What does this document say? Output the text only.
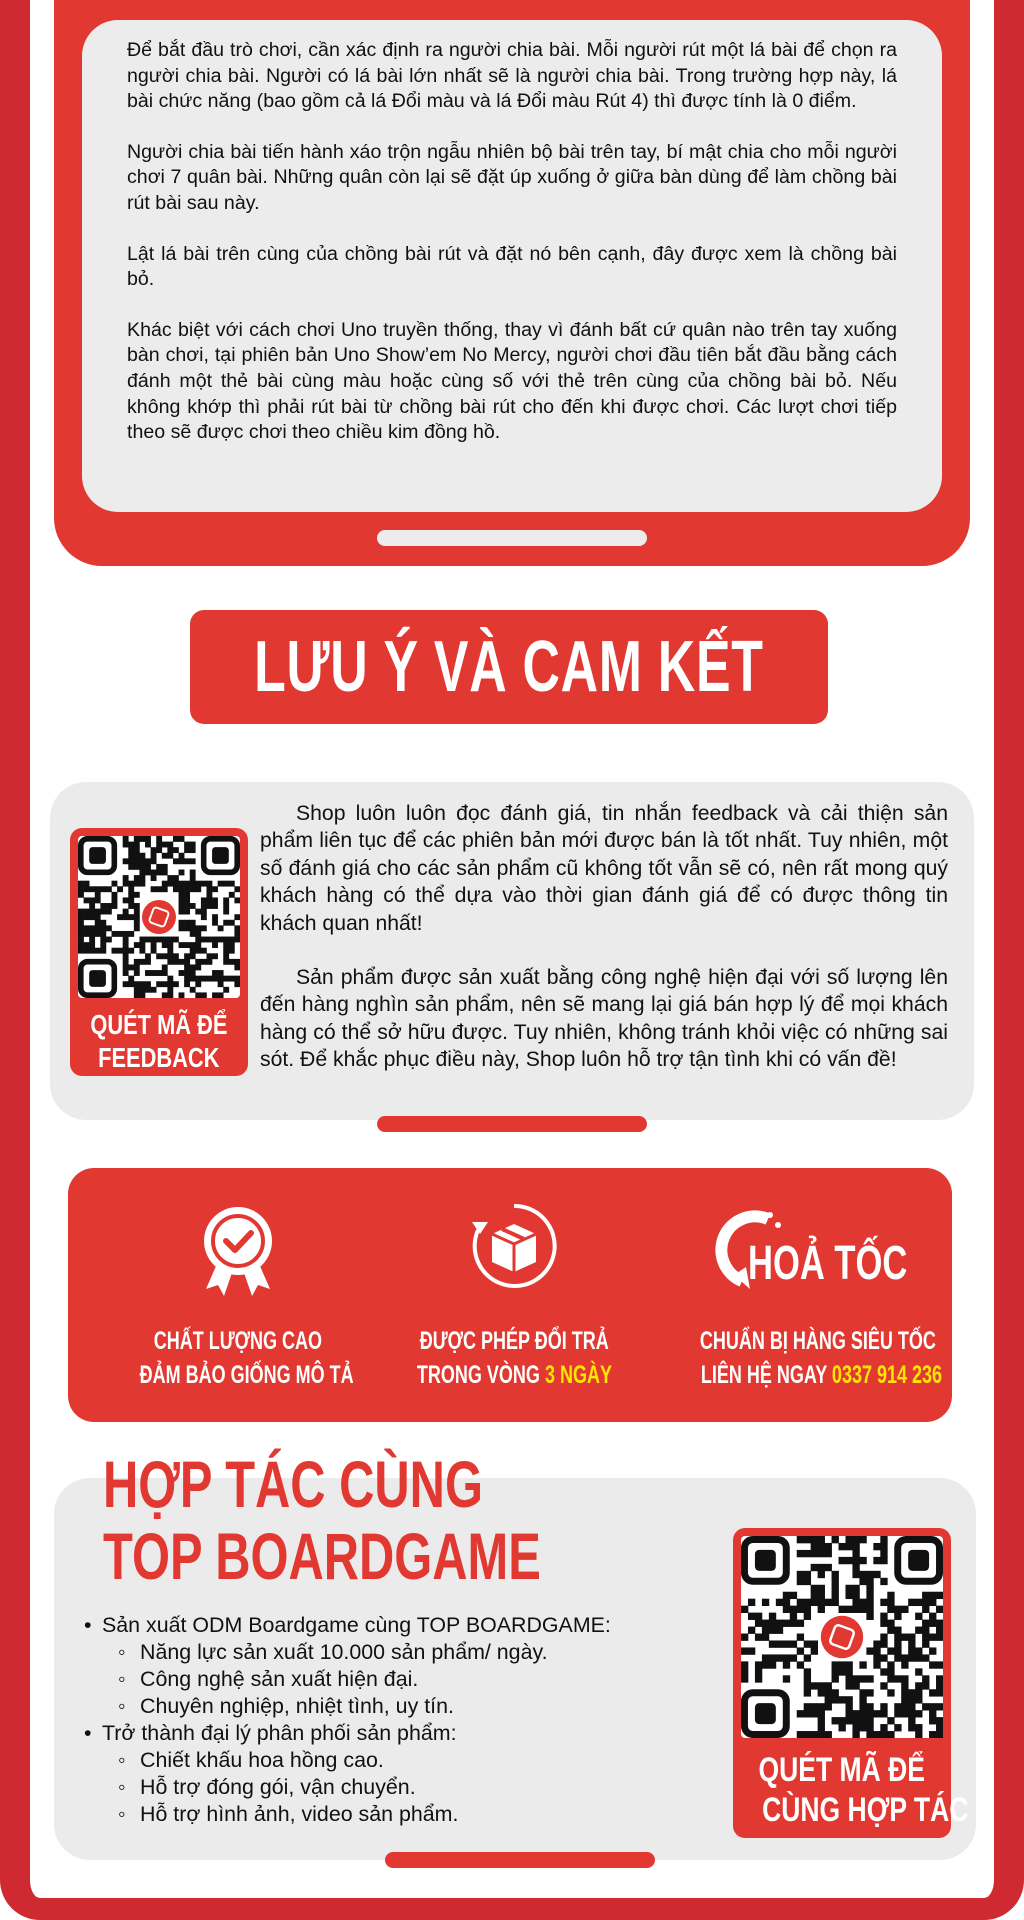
Để bắt đầu trò chơi, cần xác định ra người chia bài. Mỗi người rút một lá bài để chọn ra người chia bài. Người có lá bài lớn nhất sẽ là người chia bài. Trong trường hợp này, lá bài chức năng (bao gồm cả lá Đổi màu và lá Đổi màu Rút 4) thì được tính là 0 điểm.

Người chia bài tiến hành xáo trộn ngẫu nhiên bộ bài trên tay, bí mật chia cho mỗi người chơi 7 quân bài. Những quân còn lại sẽ đặt úp xuống ở giữa bàn dùng để làm chồng bài rút bài sau này.

Lật lá bài trên cùng của chồng bài rút và đặt nó bên cạnh, đây được xem là chồng bài bỏ.

Khác biệt với cách chơi Uno truyền thống, thay vì đánh bất cứ quân nào trên tay xuống bàn chơi, tại phiên bản Uno Show’em No Mercy, người chơi đầu tiên bắt đầu bằng cách đánh một thẻ bài cùng màu hoặc cùng số với thẻ trên cùng của chồng bài bỏ. Nếu không khớp thì phải rút bài từ chồng bài rút cho đến khi được chơi. Các lượt chơi tiếp theo sẽ được chơi theo chiều kim đồng hồ.

LƯU Ý VÀ CAM KẾT
QUÉT MÃ ĐỂ
FEEDBACK

Shop luôn luôn đọc đánh giá, tin nhắn feedback và cải thiện sản phẩm liên tục để các phiên bản mới được bán là tốt nhất. Tuy nhiên, một số đánh giá cho các sản phẩm cũ không tốt vẫn sẽ có, nên rất mong quý khách hàng có thể dựa vào thời gian đánh giá để có được thông tin khách quan nhất!

Sản phẩm được sản xuất bằng công nghệ hiện đại với số lượng lên đến hàng nghìn sản phẩm, nên sẽ mang lại giá bán hợp lý để mọi khách hàng có thể sở hữu được. Tuy nhiên, không tránh khỏi việc có những sai sót. Để khắc phục điều này, Shop luôn hỗ trợ tận tình khi có vấn đề!

HOẢ TỐC
CHẤT LƯỢNG CAO
ĐẢM BẢO GIỐNG MÔ TẢ
ĐƯỢC PHÉP ĐỔI TRẢ
TRONG VÒNG 3 NGÀY
CHUẨN BỊ HÀNG SIÊU TỐC
LIÊN HỆ NGAY 0337 914 236
HỢP TÁC CÙNG
TOP BOARDGAME
• Sản xuất ODM Boardgame cùng TOP BOARDGAME:
◦ Năng lực sản xuất 10.000 sản phẩm/ ngày.
◦ Công nghệ sản xuất hiện đại.
◦ Chuyên nghiệp, nhiệt tình, uy tín.
• Trở thành đại lý phân phối sản phẩm:
◦ Chiết khấu hoa hồng cao.
◦ Hỗ trợ đóng gói, vận chuyển.
◦ Hỗ trợ hình ảnh, video sản phẩm.
QUÉT MÃ ĐỂ
CÙNG HỢP TÁC
